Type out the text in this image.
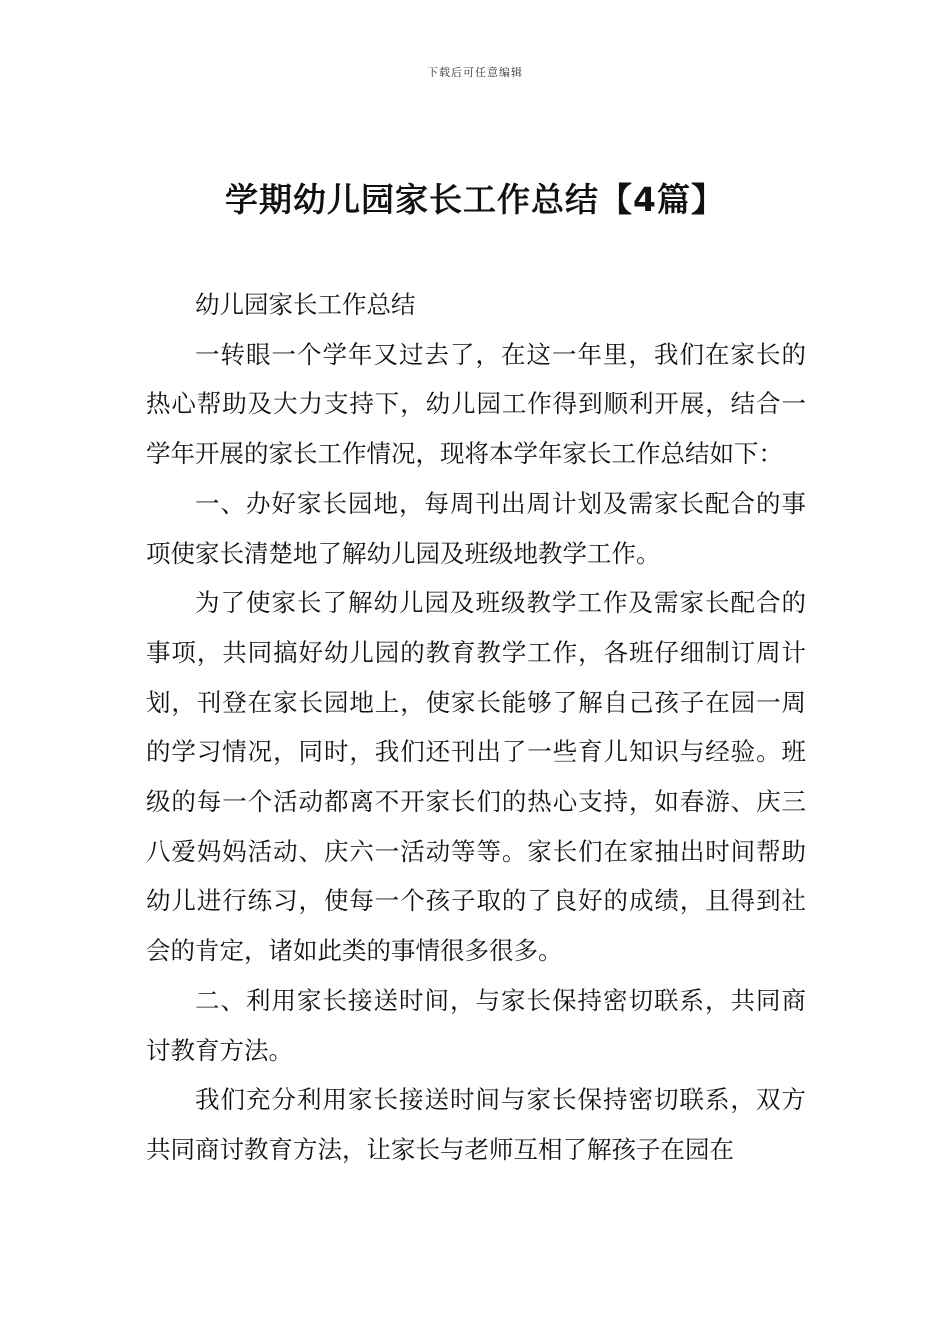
下载后可任意编辑
学期幼儿园家长工作总结【4篇】

幼儿园家长工作总结

一转眼一个学年又过去了，在这一年里，我们在家长的热心帮助及大力支持下，幼儿园工作得到顺利开展，结合一学年开展的家长工作情况，现将本学年家长工作总结如下：

一、办好家长园地，每周刊出周计划及需家长配合的事项使家长清楚地了解幼儿园及班级地教学工作。

为了使家长了解幼儿园及班级教学工作及需家长配合的事项，共同搞好幼儿园的教育教学工作，各班仔细制订周计划，刊登在家长园地上，使家长能够了解自己孩子在园一周的学习情况，同时，我们还刊出了一些育儿知识与经验。班级的每一个活动都离不开家长们的热心支持，如春游、庆三八爱妈妈活动、庆六一活动等等。家长们在家抽出时间帮助幼儿进行练习，使每一个孩子取的了良好的成绩，且得到社会的肯定，诸如此类的事情很多很多。

二、利用家长接送时间，与家长保持密切联系，共同商讨教育方法。

我们充分利用家长接送时间与家长保持密切联系，双方共同商讨教育方法，让家长与老师互相了解孩子在园在
